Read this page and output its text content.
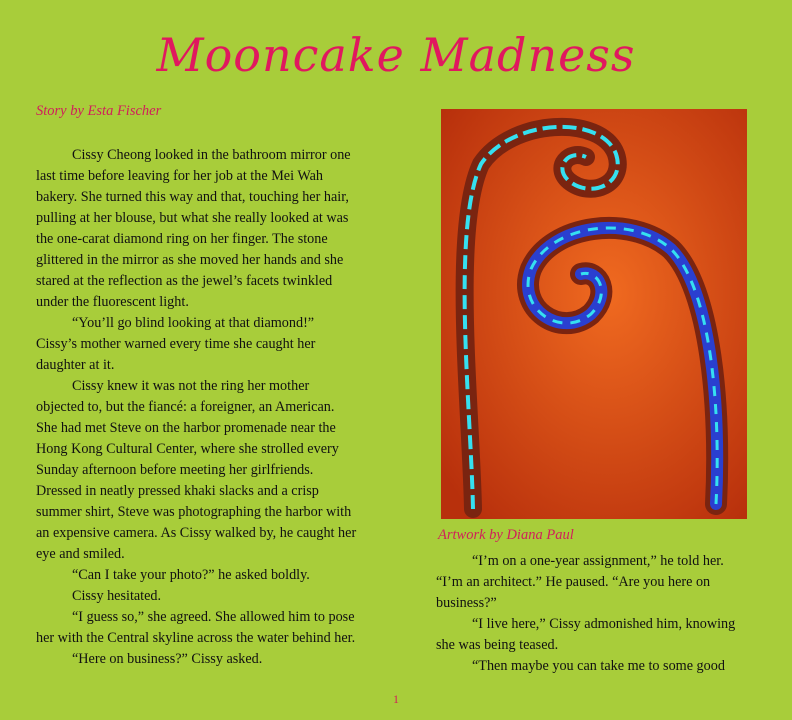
Mooncake Madness
Story by Esta Fischer

Cissy Cheong looked in the bathroom mirror one last time before leaving for her job at the Mei Wah bakery. She turned this way and that, touching her hair, pulling at her blouse, but what she really looked at was the one-carat diamond ring on her finger. The stone glittered in the mirror as she moved her hands and she stared at the reflection as the jewel’s facets twinkled under the fluorescent light.

“You’ll go blind looking at that diamond!” Cissy’s mother warned every time she caught her daughter at it.

Cissy knew it was not the ring her mother objected to, but the fiancé: a foreigner, an American. She had met Steve on the harbor promenade near the Hong Kong Cultural Center, where she strolled every Sunday afternoon before meeting her girlfriends. Dressed in neatly pressed khaki slacks and a crisp summer shirt, Steve was photographing the harbor with an expensive camera. As Cissy walked by, he caught her eye and smiled.

“Can I take your photo?” he asked boldly.

Cissy hesitated.

“I guess so,” she agreed. She allowed him to pose her with the Central skyline across the water behind her.

“Here on business?” Cissy asked.

Artwork by Diana Paul

“I’m on a one-year assignment,” he told her. “I’m an architect.” He paused. “Are you here on business?”

“I live here,” Cissy admonished him, knowing she was being teased.

“Then maybe you can take me to some good

1
